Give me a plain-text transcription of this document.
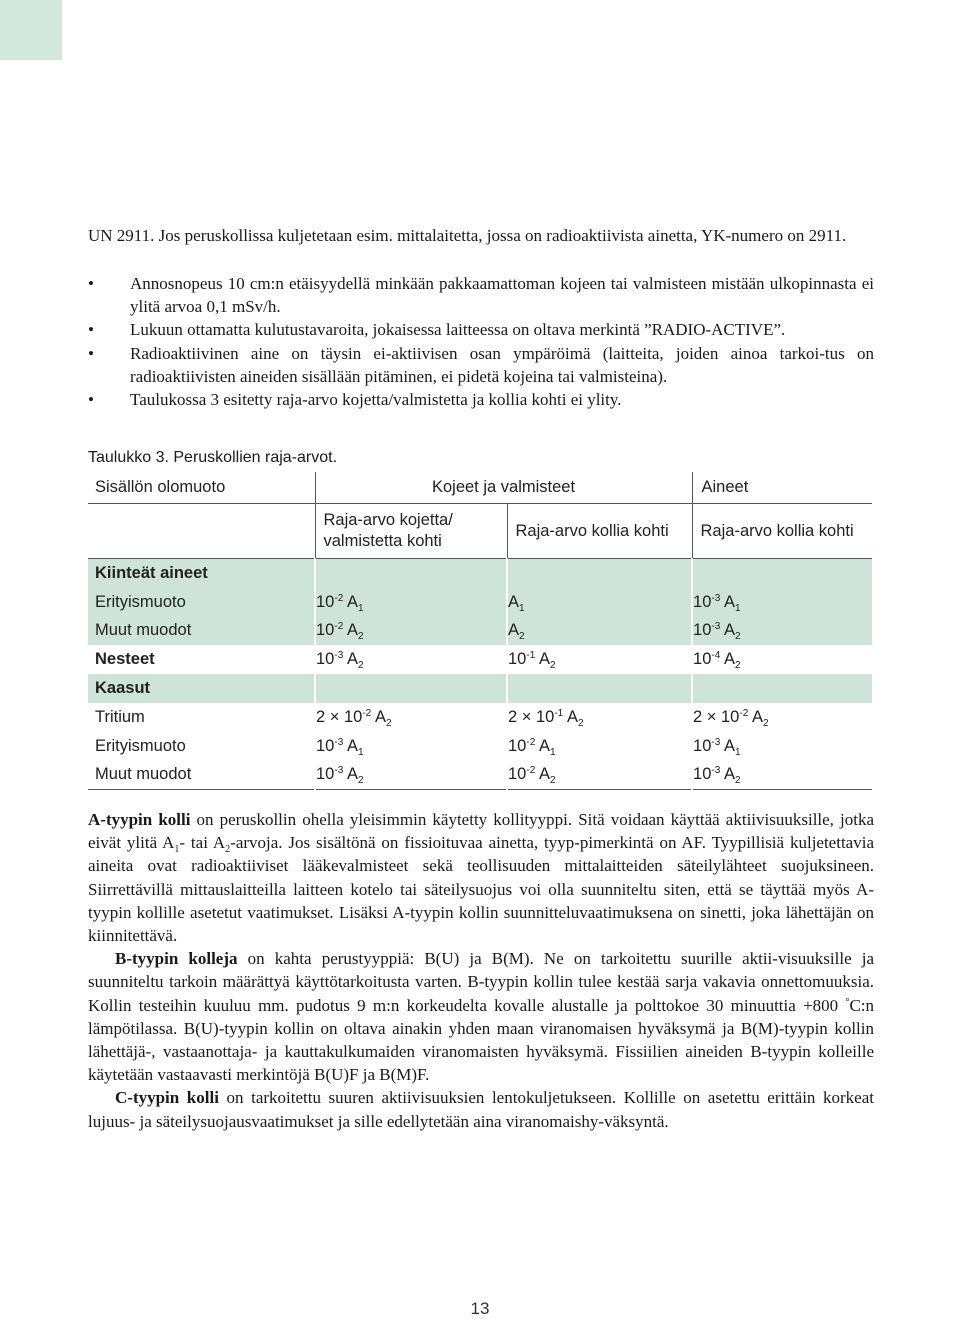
UN 2911. Jos peruskollissa kuljetetaan esim. mittalaitetta, jossa on radioaktiivista ainetta, YK-numero on 2911.

• Annosnopeus 10 cm:n etäisyydellä minkään pakkaamattoman kojeen tai valmisteen mistään ulkopinnasta ei ylitä arvoa 0,1 mSv/h.
• Lukuun ottamatta kulutustavaroita, jokaisessa laitteessa on oltava merkintä ”RADIO-ACTIVE”.
• Radioaktiivinen aine on täysin ei-aktiivisen osan ympäröimä (laitteita, joiden ainoa tarkoi-tus on radioaktiivisten aineiden sisällään pitäminen, ei pidetä kojeina tai valmisteina).
• Taulukossa 3 esitetty raja-arvo kojetta/valmistetta ja kollia kohti ei ylity.
Taulukko 3. Peruskollien raja-arvot.
Sisällön olomuoto	Kojeet ja valmisteet		Aineet
	Raja-arvo kojetta/ valmistetta kohti	Raja-arvo kollia kohti	Raja-arvo kollia kohti
Kiinteät aineet			
Erityismuoto	$10^{-2}$ $A_1$	$A_1$	$10^{-3}$ $A_1$
Muut muodot	$10^{-2}$ $A_2$	$A_2$	$10^{-3}$ $A_2$
Nesteet	$10^{-3}$ $A_2$	$10^{-1}$ $A_2$	$10^{-4}$ $A_2$
Kaasut			
Tritium	$2 \times 10^{-2}$ $A_2$	$2 \times 10^{-1}$ $A_2$	$2 \times 10^{-2}$ $A_2$
Erityismuoto	$10^{-3}$ $A_1$	$10^{-2}$ $A_1$	$10^{-3}$ $A_1$
Muut muodot	$10^{-3}$ $A_2$	$10^{-2}$ $A_2$	$10^{-3}$ $A_2$

A-tyypin kolli on peruskollin ohella yleisimmin käytetty kollityyppi. Sitä voidaan käyttää aktiivisuuksille, jotka eivät ylitä $A_1-$ tai $A_2$-arvoja. Jos sisältönä on fissioituvaa ainetta, tyyp-pimerkintä on AF. Tyypillisiä kuljetettavia aineita ovat radioaktiiviset lääkevalmisteet sekä teollisuuden mittalaitteiden säteilylähteet suojuksineen. Siirrettävillä mittauslaitteilla laitteen kotelo tai säteilysuojus voi olla suunniteltu siten, että se täyttää myös A-tyypin kollille asetetut vaatimukset. Lisäksi A-tyypin kollin suunnitteluvaatimuksena on sinetti, joka lähettäjän on kiinnitettävä.

B-tyypin kolleja on kahta perustyyppiä: B(U) ja B(M). Ne on tarkoitettu suurille aktii-visuuksille ja suunniteltu tarkoin määrättyä käyttötarkoitusta varten. B-tyypin kollin tulee kestää sarja vakavia onnettomuuksia. Kollin testeihin kuuluu mm. pudotus 9 m:n korkeudelta kovalle alustalle ja polttokoe 30 minuuttia +800 °C:n lämpötilassa. B(U)-tyypin kollin on oltava ainakin yhden maan viranomaisen hyväksymä ja B(M)-tyypin kollin lähettäjä-, vastaanottaja- ja kauttakulkumaiden viranomaisten hyväksymä. Fissiilien aineiden B-tyypin kolleille käytetään vastaavasti merkintöjä B(U)F ja B(M)F.

C-tyypin kolli on tarkoitettu suuren aktiivisuuksien lentokuljetukseen. Kollille on asetettu erittäin korkeat lujuus- ja säteilysuojausvaatimukset ja sille edellytetään aina viranomaishy-väksyntä.

13
